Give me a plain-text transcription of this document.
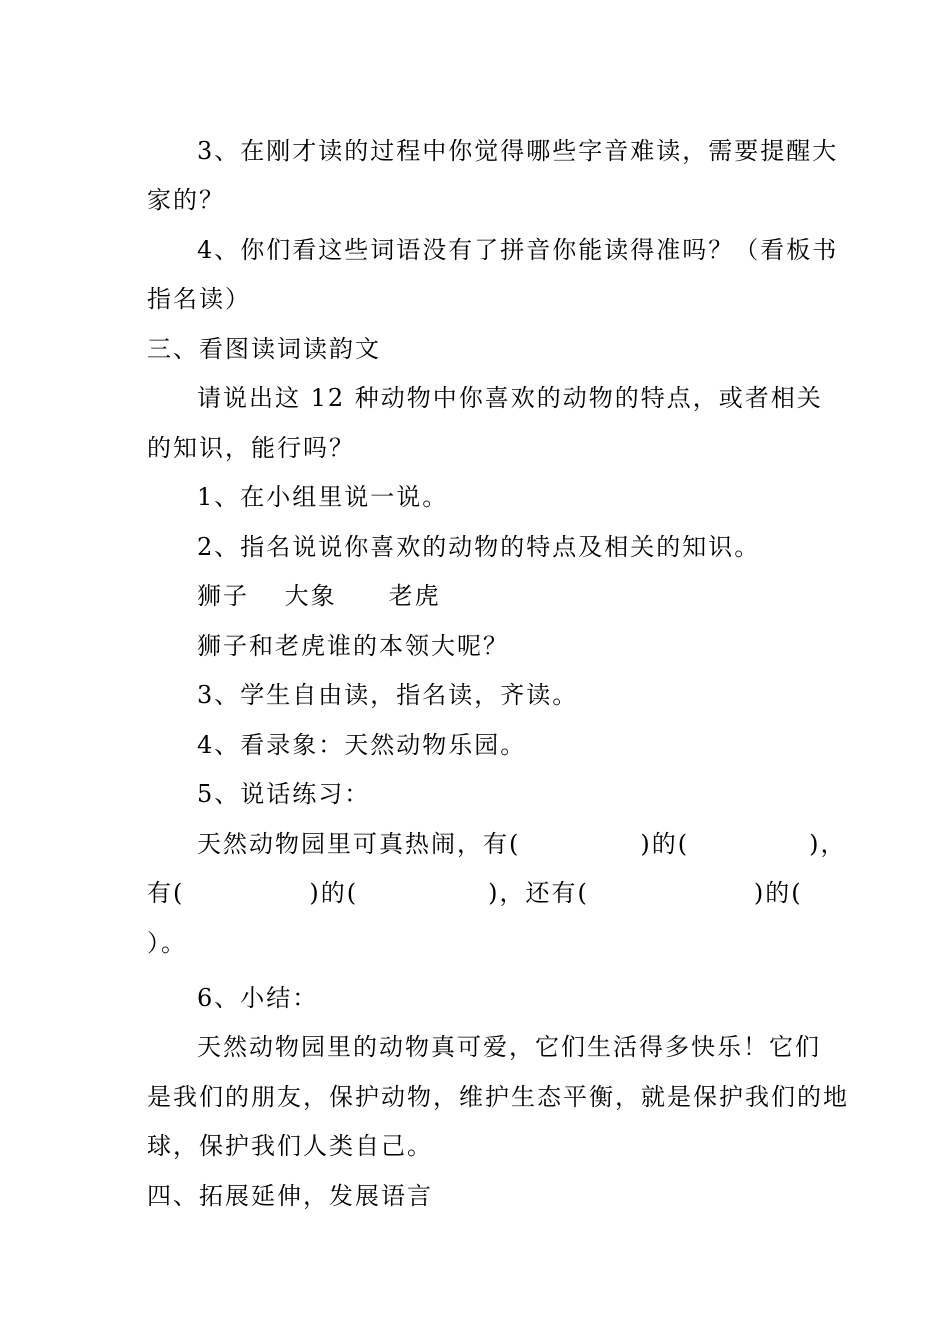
3、在刚才读的过程中你觉得哪些字音难读，需要提醒大
家的？
4、你们看这些词语没有了拼音你能读得准吗？（看板书
指名读）
三、看图读词读韵文
请说出这 12 种动物中你喜欢的动物的特点，或者相关
的知识，能行吗？
1、在小组里说一说。
2、指名说说你喜欢的动物的特点及相关的知识。
狮子　 大象　　老虎
狮子和老虎谁的本领大呢？
3、学生自由读，指名读，齐读。
4、看录象：天然动物乐园。
5、说话练习：
天然动物园里可真热闹，有(	)的(	)，
有(	)的(	)，还有(	)的(
）。
6、小结：
天然动物园里的动物真可爱，它们生活得多快乐！它们
是我们的朋友，保护动物，维护生态平衡，就是保护我们的地
球，保护我们人类自己。
四、拓展延伸，发展语言
